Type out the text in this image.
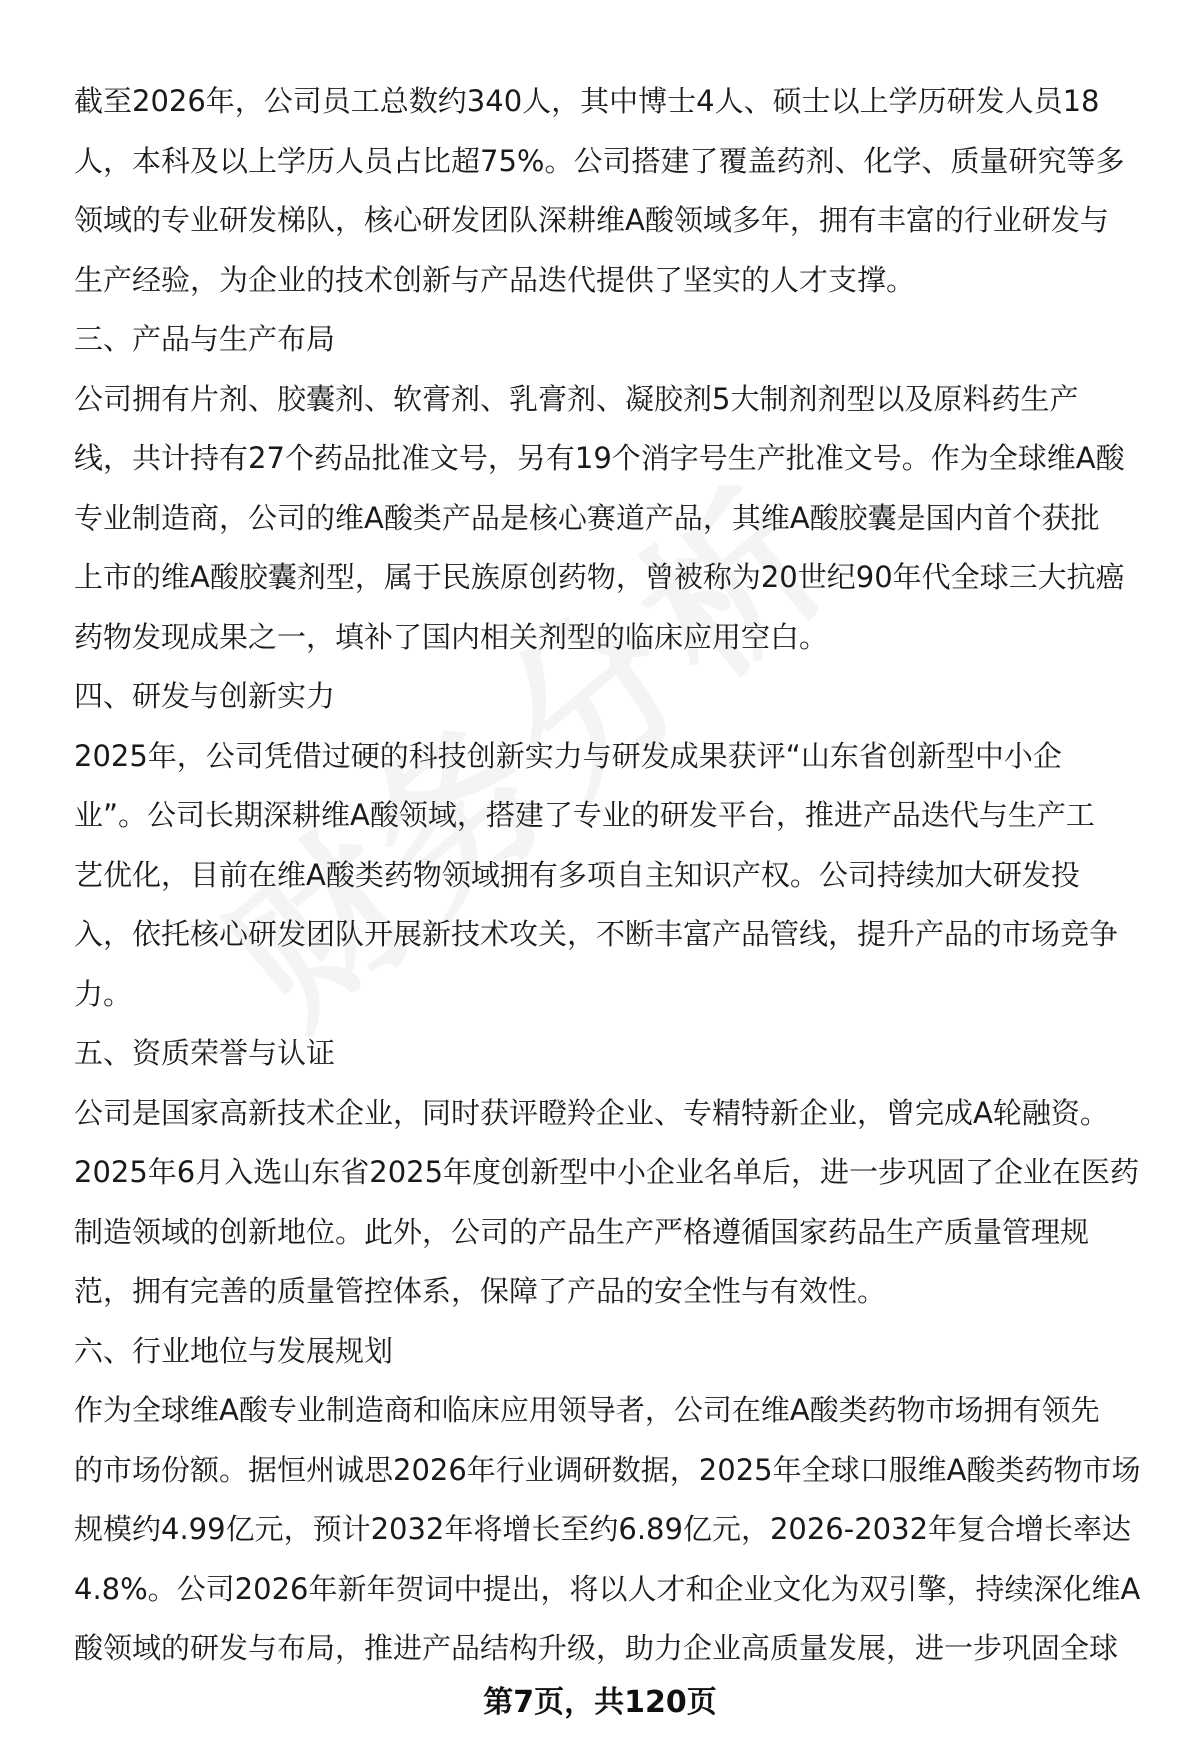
截至2026年，公司员工总数约340人，其中博士4人、硕士以上学历研发人员18
人，本科及以上学历人员占比超75%。公司搭建了覆盖药剂、化学、质量研究等多
领域的专业研发梯队，核心研发团队深耕维A酸领域多年，拥有丰富的行业研发与
生产经验，为企业的技术创新与产品迭代提供了坚实的人才支撑。
三、产品与生产布局
公司拥有片剂、胶囊剂、软膏剂、乳膏剂、凝胶剂5大制剂剂型以及原料药生产
线，共计持有27个药品批准文号，另有19个消字号生产批准文号。作为全球维A酸
专业制造商，公司的维A酸类产品是核心赛道产品，其维A酸胶囊是国内首个获批
上市的维A酸胶囊剂型，属于民族原创药物，曾被称为20世纪90年代全球三大抗癌
药物发现成果之一，填补了国内相关剂型的临床应用空白。
四、研发与创新实力
2025年，公司凭借过硬的科技创新实力与研发成果获评“山东省创新型中小企
业”。公司长期深耕维A酸领域，搭建了专业的研发平台，推进产品迭代与生产工
艺优化，目前在维A酸类药物领域拥有多项自主知识产权。公司持续加大研发投
入，依托核心研发团队开展新技术攻关，不断丰富产品管线，提升产品的市场竞争
力。
五、资质荣誉与认证
公司是国家高新技术企业，同时获评瞪羚企业、专精特新企业，曾完成A轮融资。
2025年6月入选山东省2025年度创新型中小企业名单后，进一步巩固了企业在医药
制造领域的创新地位。此外，公司的产品生产严格遵循国家药品生产质量管理规
范，拥有完善的质量管控体系，保障了产品的安全性与有效性。
六、行业地位与发展规划
作为全球维A酸专业制造商和临床应用领导者，公司在维A酸类药物市场拥有领先
的市场份额。据恒州诚思2026年行业调研数据，2025年全球口服维A酸类药物市场
规模约4.99亿元，预计2032年将增长至约6.89亿元，2026-2032年复合增长率达
4.8%。公司2026年新年贺词中提出，将以人才和企业文化为双引擎，持续深化维A
酸领域的研发与布局，推进产品结构升级，助力企业高质量发展，进一步巩固全球
第7页，共120页
